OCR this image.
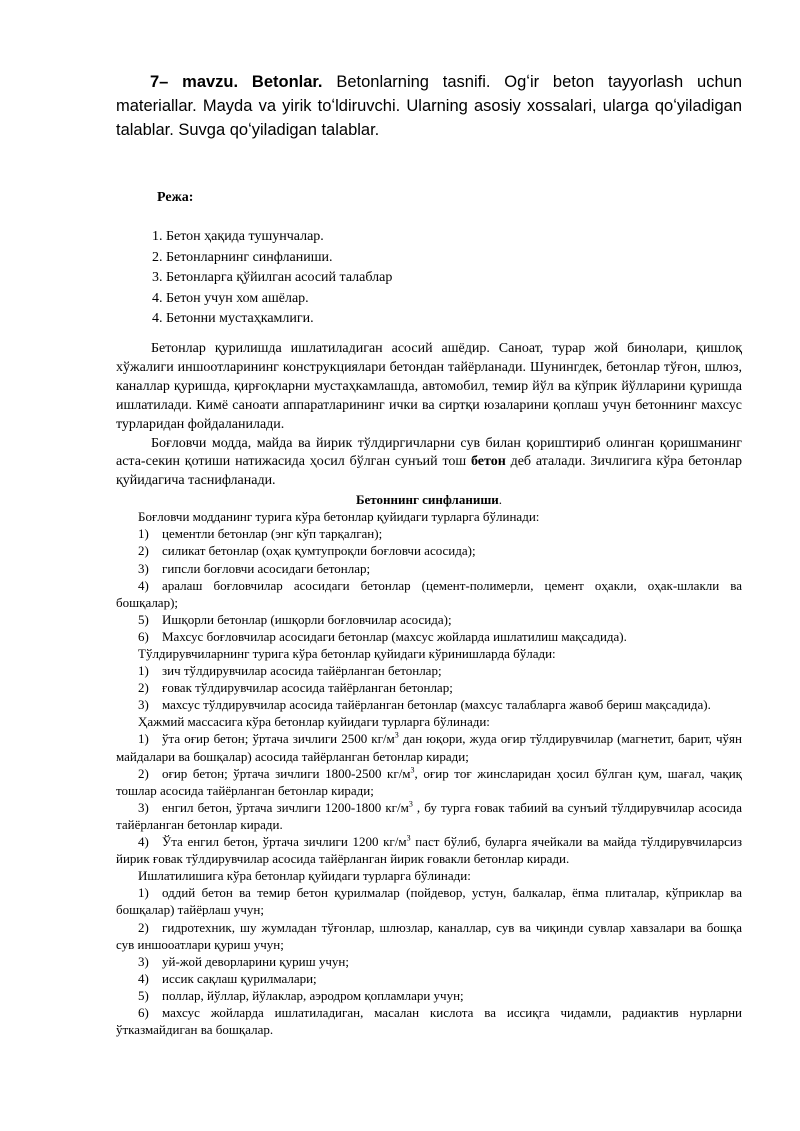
7– mavzu. Betonlar. Betonlarning tasnifi. Ogʻir beton tayyorlash uchun materiallar. Mayda va yirik toʻldiruvchi. Ularning asosiy xossalari, ularga qoʻyiladigan talablar. Suvga qoʻyiladigan talablar.

Режа:

1. Бетон ҳақида тушунчалар.
2. Бетонларнинг синфланиши.
3. Бетонларга қўйилган асосий талаблар
4. Бетон учун хом ашёлар.
4. Бетонни мустаҳкамлиги.

Бетонлар қурилишда ишлатиладиган асосий ашёдир. Саноат, турар жой бинолари, қишлоқ хўжалиги иншоотларининг конструкциялари бетондан тайёрланади. Шунингдек, бетонлар тўғон, шлюз, каналлар қуришда, қирғоқларни мустаҳкамлашда, автомобил, темир йўл ва кўприк йўлларини қуришда ишлатилади. Кимё саноати аппаратларининг ички ва сиртқи юзаларини қоплаш учун бетоннинг махсус турларидан фойдаланилади.

Боғловчи модда, майда ва йирик тўлдиргичларни сув билан қориштириб олинган қоришманинг аста-секин қотиши натижасида ҳосил бўлган сунъий тош бетон деб аталади. Зичлигига кўра бетонлар қуйидагича таснифланади.

Бетоннинг синфланиши.

Боғловчи модданинг турига кўра бетонлар қуйидаги турларга бўлинади:

1) цементли бетонлар (энг кўп тарқалган);

2) силикат бетонлар (оҳак қумтупроқли боғловчи асосида);

3) гипсли боғловчи асосидаги бетонлар;

4) аралаш боғловчилар асосидаги бетонлар (цемент-полимерли, цемент оҳакли, оҳак-шлакли ва бошқалар);

5) Ишқорли бетонлар (ишқорли боғловчилар асосида);

6) Махсус боғловчилар асосидаги бетонлар (махсус жойларда ишлатилиш мақсадида).

Тўлдирувчиларнинг турига кўра бетонлар қуйидаги кўринишларда бўлади:

1) зич тўлдирувчилар асосида тайёрланган бетонлар;

2) ғовак тўлдирувчилар асосида тайёрланган бетонлар;

3) махсус тўлдирувчилар асосида тайёрланган бетонлар (махсус талабларга жавоб бериш мақсадида).

Ҳажмий массасига кўра бетонлар куйидаги турларга бўлинади:

1) ўта оғир бетон; ўртача зичлиги 2500 $кг/м^3$ дан юқори, жуда оғир тўлдирувчилар (магнетит, барит, чўян майдалари ва бошқалар) асосида тайёрланган бетонлар киради;

2) оғир бетон; ўртача зичлиги 1800-2500 $кг/м^3$, оғир тоғ жинсларидан ҳосил бўлган қум, шағал, чақиқ тошлар асосида тайёрланган бетонлар киради;

3) енгил бетон, ўртача зичлиги 1200-1800 $кг/м^3$ , бу турга ғовак табиий ва сунъий тўлдирувчилар асосида тайёрланган бетонлар киради.

4) Ўта енгил бетон, ўртача зичлиги 1200 $кг/м^3$ паст бўлиб, буларга ячейкали ва майда тўлдирувчиларсиз йирик ғовак тўлдирувчилар асосида тайёрланган йирик ғовакли бетонлар киради.

Ишлатилишига кўра бетонлар қуйидаги турларга бўлинади:

1) оддий бетон ва темир бетон қурилмалар (пойдевор, устун, балкалар, ёпма плиталар, кўприклар ва бошқалар) тайёрлаш учун;

2) гидротехник, шу жумладан тўғонлар, шлюзлар, каналлар, сув ва чиқинди сувлар хавзалари ва бошқа сув иншооатлари қуриш учун;

3) уй-жой деворларини қуриш учун;

4) иссик сақлаш қурилмалари;

5) поллар, йўллар, йўлаклар, аэродром қопламлари учун;

6) махсус жойларда ишлатиладиган, масалан кислота ва иссиқга чидамли, радиактив нурларни ўтказмайдиган ва бошқалар.
